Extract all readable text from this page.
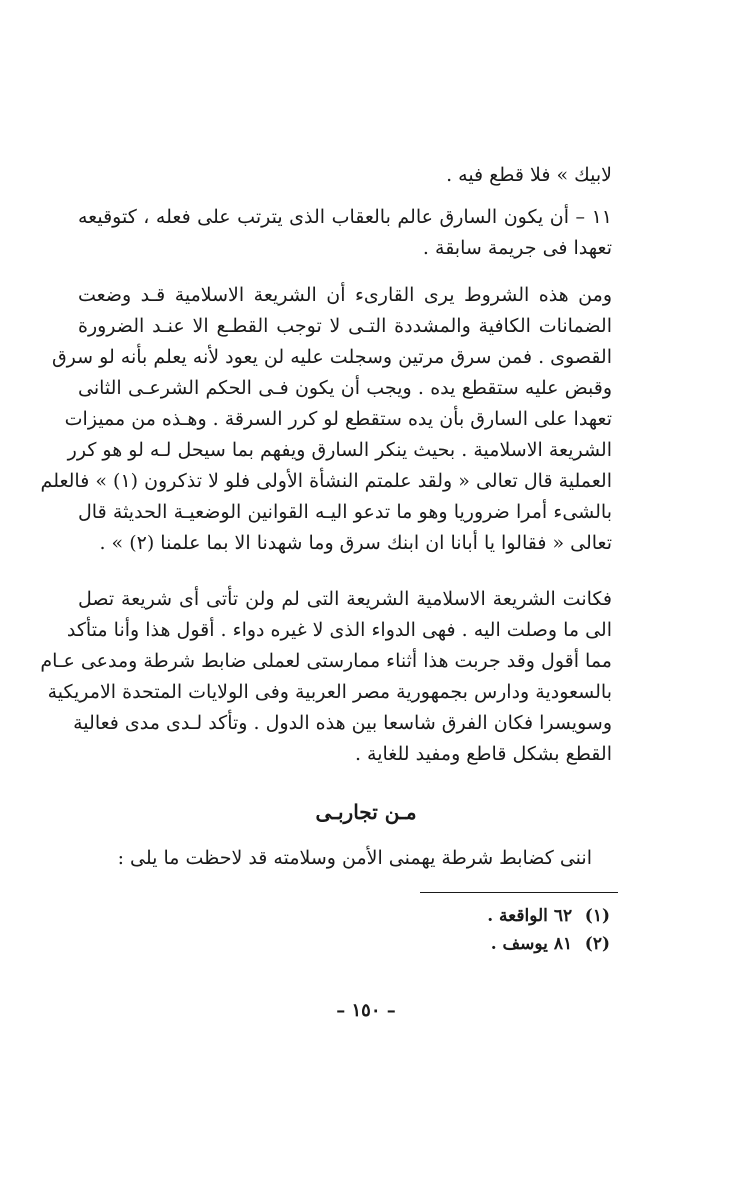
لابيك » فلا قطع فيه .
١١ – أن يكون السارق عالم بالعقاب الذى يترتب على فعله ، كتوقيعه
تعهدا فى جريمة سابقة .
ومن هذه الشروط يرى القارىء أن الشريعة الاسلامية قـد وضعت
الضمانات الكافية والمشددة التـى لا توجب القطـع الا عنـد الضرورة
القصوى . فمن سرق مرتين وسجلت عليه لن يعود لأنه يعلم بأنه لو سرق
وقبض عليه ستقطع يده . ويجب أن يكون فـى الحكم الشرعـى الثانى
تعهدا على السارق بأن يده ستقطع لو كرر السرقة . وهـذه من مميزات
الشريعة الاسلامية . بحيث ينكر السارق ويفهم بما سيحل لـه لو هو كرر
العملية قال تعالى « ولقد علمتم النشأة الأولى فلو لا تذكرون (١) » فالعلم
بالشىء أمرا ضروريا وهو ما تدعو اليـه القوانين الوضعيـة الحديثة قال
تعالى « فقالوا يا أبانا ان ابنك سرق وما شهدنا الا بما علمنا (٢) » .
فكانت الشريعة الاسلامية الشريعة التى لم ولن تأتى أى شريعة تصل
الى ما وصلت اليه . فهى الدواء الذى لا غيره دواء . أقول هذا وأنا متأكد
مما أقول وقد جربت هذا أثناء ممارستى لعملى ضابط شرطة ومدعى عـام
بالسعودية ودارس بجمهورية مصر العربية وفى الولايات المتحدة الامريكية
وسويسرا فكان الفرق شاسعا بين هذه الدول . وتأكد لـدى مدى فعالية
القطع بشكل قاطع ومفيد للغاية .
مـن تجاربـى
اننى كضابط شرطة يهمنى الأمن وسلامته قد لاحظت ما يلى :
(١) ٦٢ الواقعة .
(٢) ٨١ يوسف .
– ١٥٠ –
